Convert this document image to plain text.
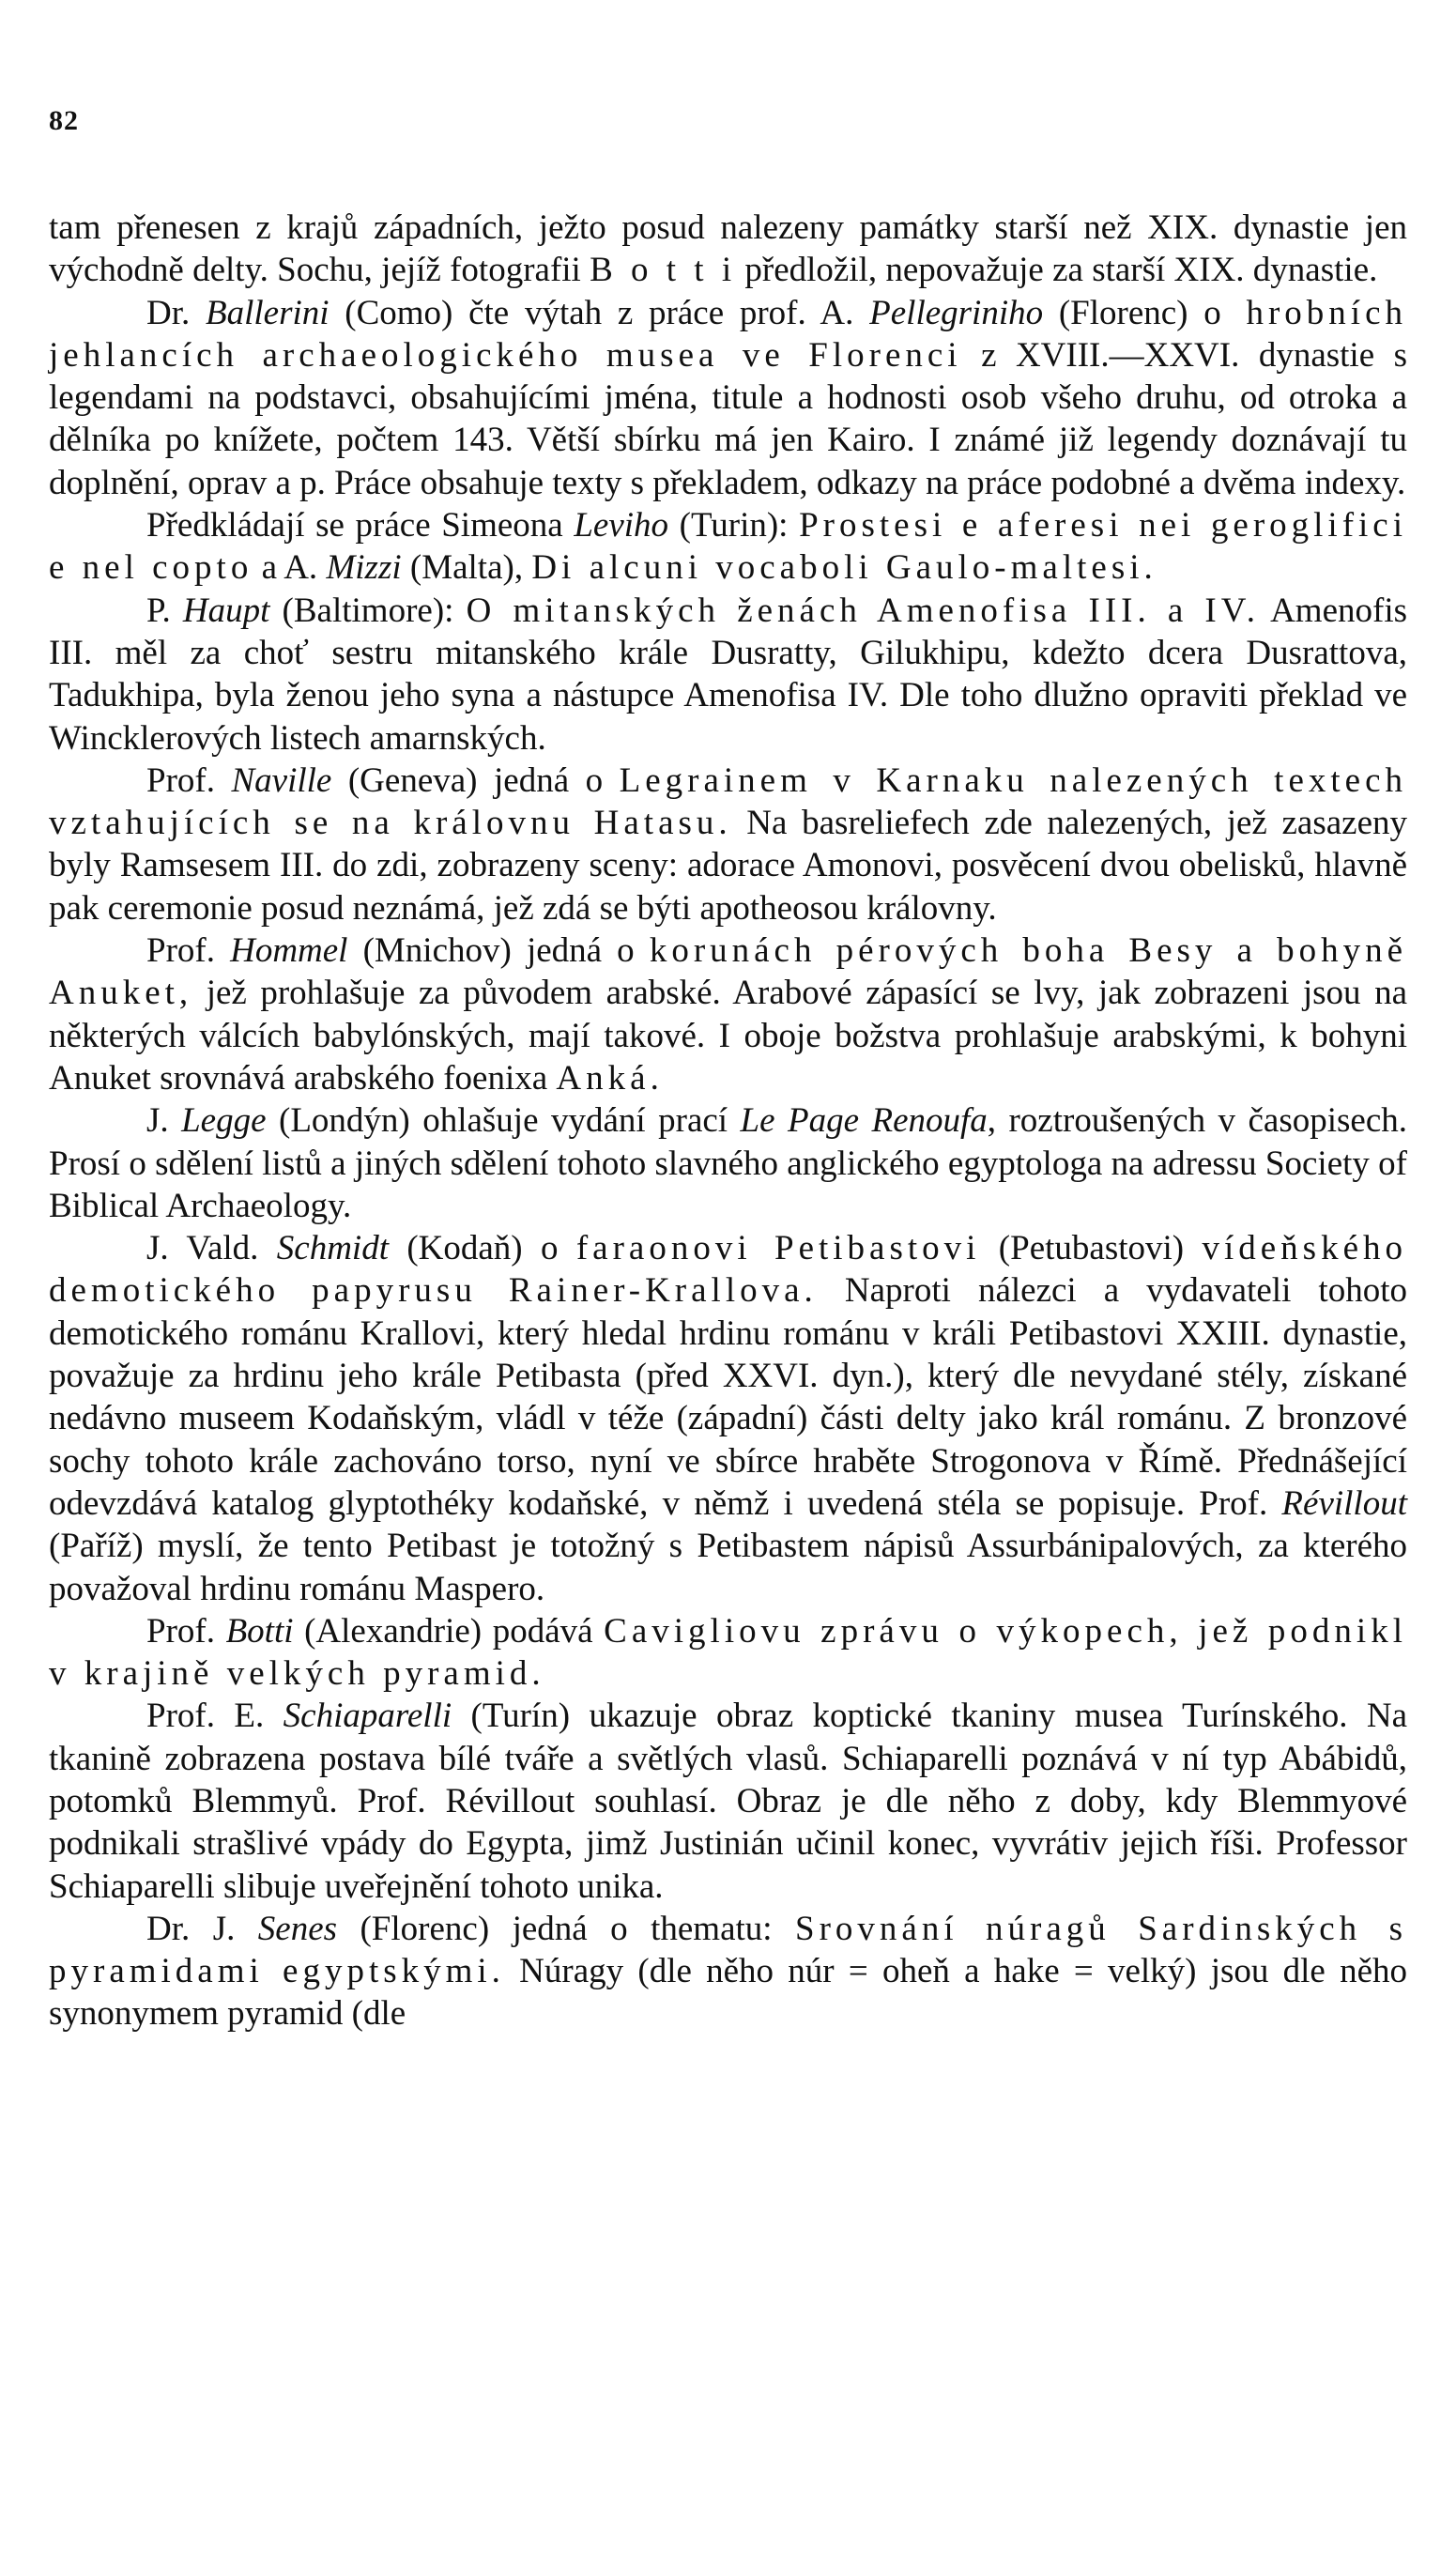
82

tam přenesen z krajů západních, ježto posud nalezeny památky starší než XIX. dynastie jen východně delty. Sochu, jejíž fotografii B o t t i předložil, nepovažuje za starší XIX. dynastie.

Dr. Ballerini (Como) čte výtah z práce prof. A. Pellegriniho (Florenc) o hrobních jehlancích archaeologického musea ve Florenci z XVIII.—XXVI. dynastie s legendami na podstavci, obsahujícími jména, titule a hodnosti osob všeho druhu, od otroka a dělníka po knížete, počtem 143. Větší sbírku má jen Kairo. I známé již legendy doznávají tu doplnění, oprav a p. Práce obsahuje texty s překladem, odkazy na práce podobné a dvěma indexy.

Předkládají se práce Simeona Leviho (Turin): Prostesi e aferesi nei geroglifici e nel copto a A. Mizzi (Malta), Di alcuni vocaboli Gaulo-maltesi.

P. Haupt (Baltimore): O mitanských ženách Amenofisa III. a IV. Amenofis III. měl za choť sestru mitanského krále Dusratty, Gilukhipu, kdežto dcera Dusrattova, Tadukhipa, byla ženou jeho syna a nástupce Amenofisa IV. Dle toho dlužno opraviti překlad ve Wincklerových listech amarnských.

Prof. Naville (Geneva) jedná o Legrainem v Karnaku nalezených textech vztahujících se na královnu Hatasu. Na basreliefech zde nalezených, jež zasazeny byly Ramsesem III. do zdi, zobrazeny sceny: adorace Amonovi, posvěcení dvou obelisků, hlavně pak ceremonie posud neznámá, jež zdá se býti apotheosou královny.

Prof. Hommel (Mnichov) jedná o korunách pérových boha Besy a bohyně Anuket, jež prohlašuje za původem arabské. Arabové zápasící se lvy, jak zobrazeni jsou na některých válcích babylónských, mají takové. I oboje božstva prohlašuje arabskými, k bohyni Anuket srovnává arabského foenixa Anká.

J. Legge (Londýn) ohlašuje vydání prací Le Page Renoufa, roztroušených v časopisech. Prosí o sdělení listů a jiných sdělení tohoto slavného anglického egyptologa na adressu Society of Biblical Archaeology.

J. Vald. Schmidt (Kodaň) o faraonovi Petibastovi (Petubastovi) vídeňského demotického papyrusu Rainer-Krallova. Naproti nálezci a vydavateli tohoto demotického románu Krallovi, který hledal hrdinu románu v králi Petibastovi XXIII. dynastie, považuje za hrdinu jeho krále Petibasta (před XXVI. dyn.), který dle nevydané stély, získané nedávno museem Kodaňským, vládl v téže (západní) části delty jako král románu. Z bronzové sochy tohoto krále zachováno torso, nyní ve sbírce hraběte Strogonova v Římě. Přednášející odevzdává katalog glyptothéky kodaňské, v němž i uvedená stéla se popisuje. Prof. Révillout (Paříž) myslí, že tento Petibast je totožný s Petibastem nápisů Assurbánipalových, za kterého považoval hrdinu románu Maspero.

Prof. Botti (Alexandrie) podává Cavigliovu zprávu o výkopech, jež podnikl v krajině velkých pyramid.

Prof. E. Schiaparelli (Turín) ukazuje obraz koptické tkaniny musea Turínského. Na tkanině zobrazena postava bílé tváře a světlých vlasů. Schiaparelli poznává v ní typ Abábidů, potomků Blemmyů. Prof. Révillout souhlasí. Obraz je dle něho z doby, kdy Blemmyové podnikali strašlivé vpády do Egypta, jimž Justinián učinil konec, vyvrátiv jejich říši. Professor Schiaparelli slibuje uveřejnění tohoto unika.

Dr. J. Senes (Florenc) jedná o thematu: Srovnání núragů Sardinských s pyramidami egyptskými. Núragy (dle něho núr = oheň a hake = velký) jsou dle něho synonymem pyramid (dle
